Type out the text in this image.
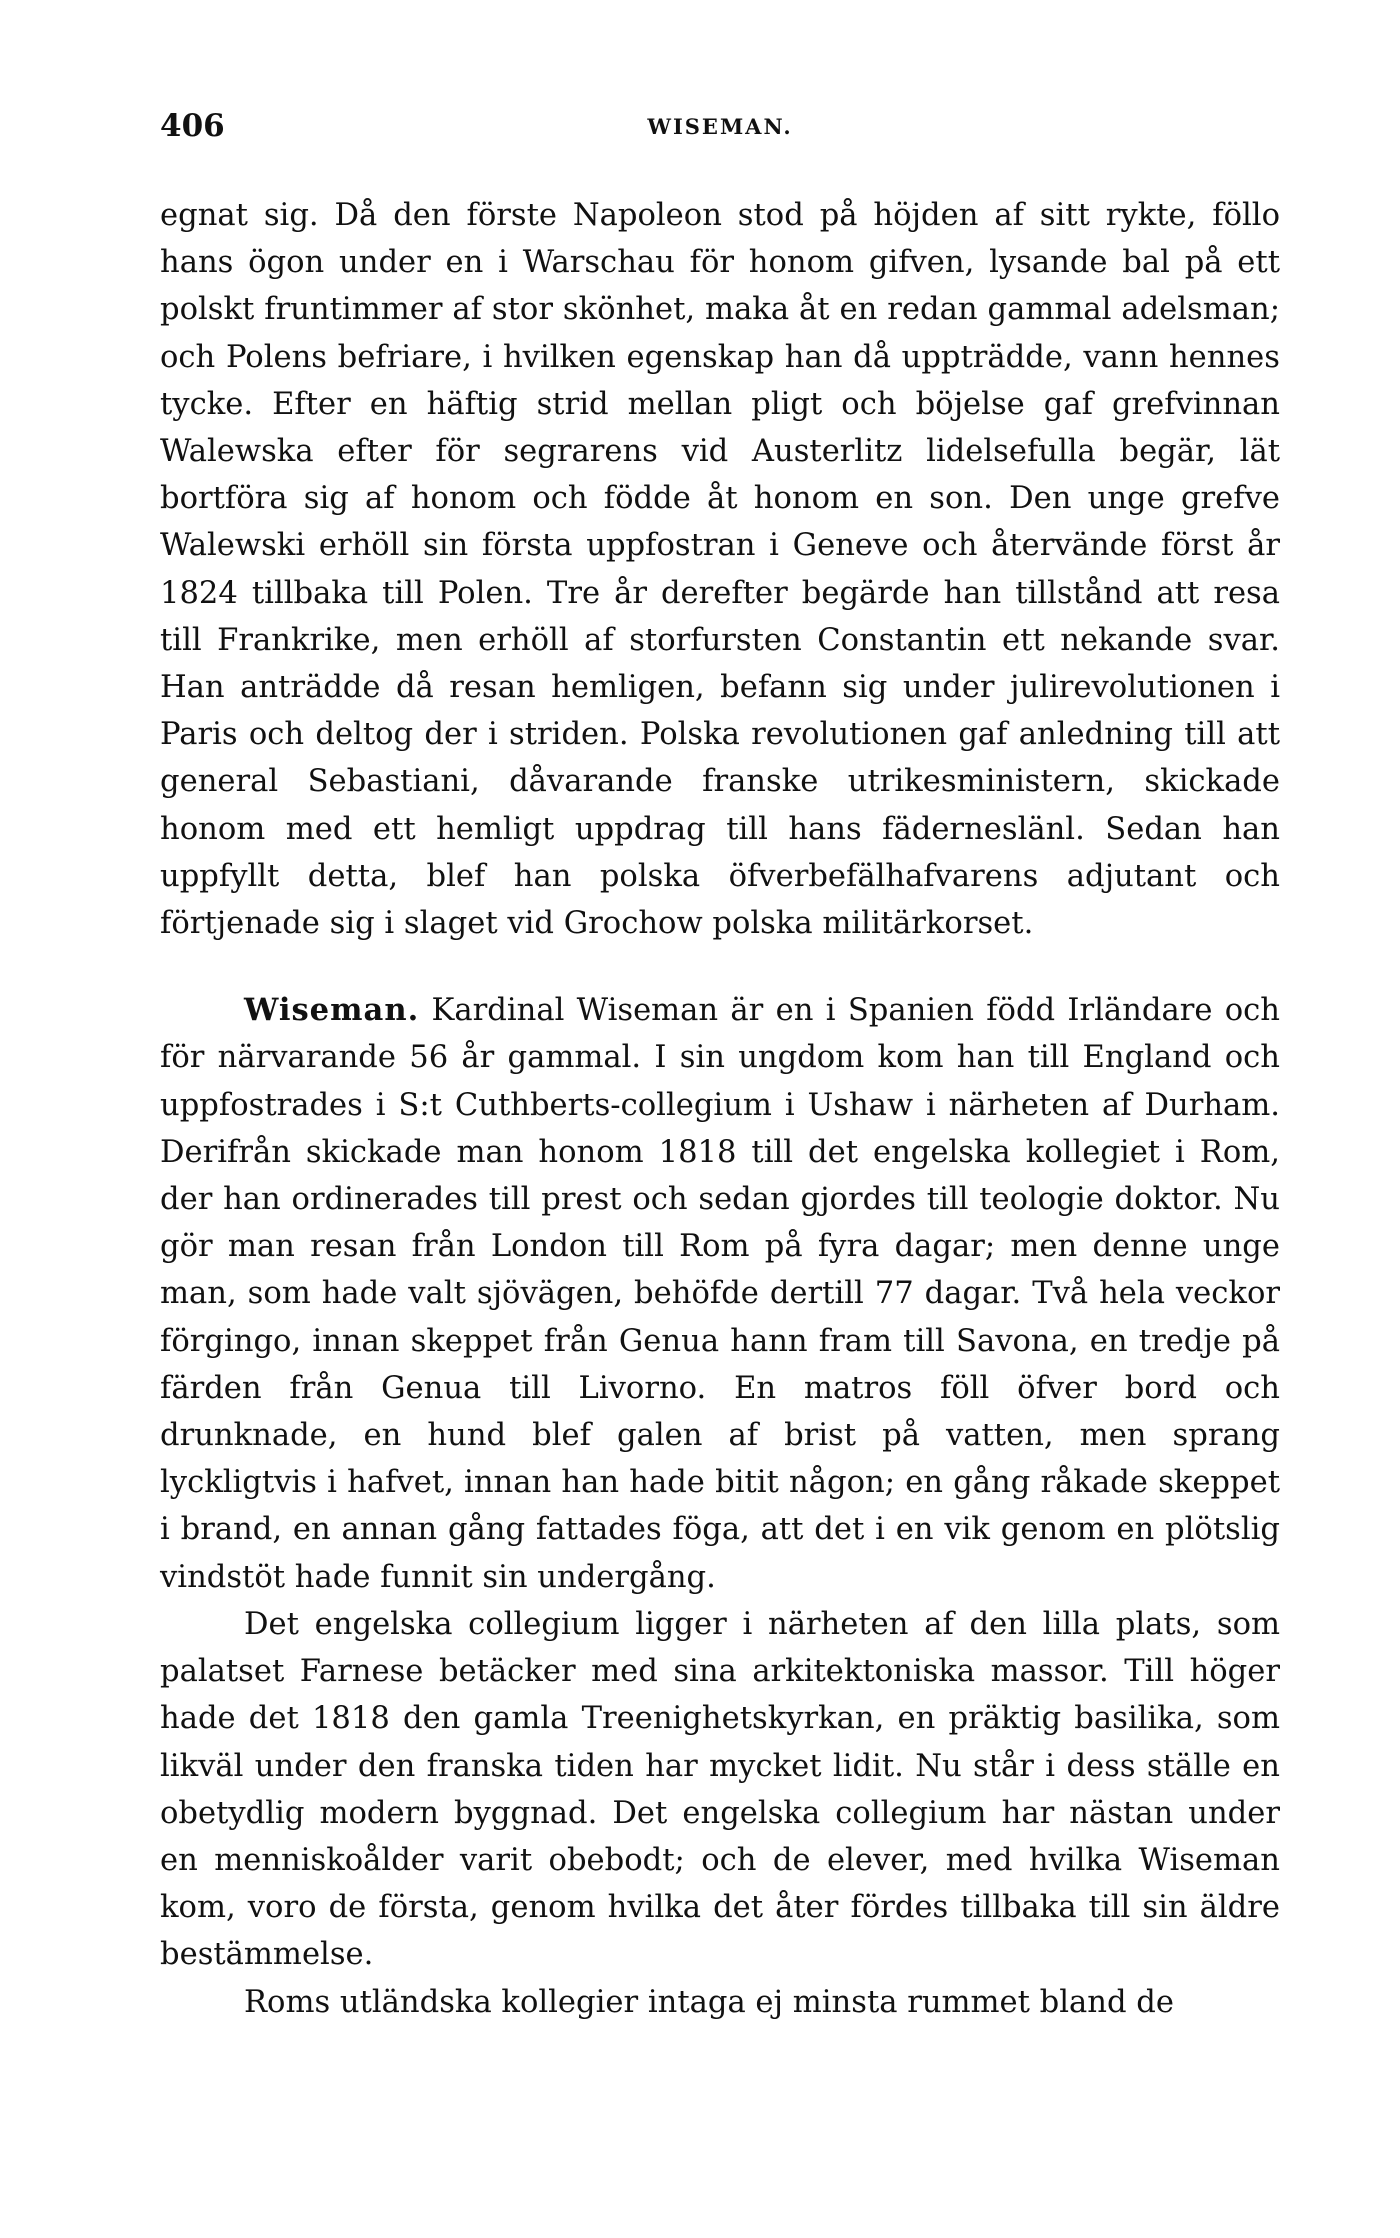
406	WISEMAN.

egnat sig. Då den förste Napoleon stod på höjden af sitt rykte, föllo hans ögon under en i Warschau för honom gifven, lysande bal på ett polskt fruntimmer af stor skönhet, maka åt en redan gammal adelsman; och Polens befriare, i hvilken egenskap han då uppträdde, vann hennes tycke. Efter en häftig strid mellan pligt och böjelse gaf grefvinnan Walewska efter för segrarens vid Austerlitz lidelsefulla begär, lät bortföra sig af honom och födde åt honom en son. Den unge grefve Walewski erhöll sin första uppfostran i Geneve och återvände först år 1824 tillbaka till Polen. Tre år derefter begärde han tillstånd att resa till Frankrike, men erhöll af storfursten Constantin ett nekande svar. Han anträdde då resan hemligen, befann sig under julirevolutionen i Paris och deltog der i striden. Polska revolutionen gaf anledning till att general Sebastiani, dåvarande franske utrikesministern, skickade honom med ett hemligt uppdrag till hans fäderneslänl. Sedan han uppfyllt detta, blef han polska öfverbefälhafvarens adjutant och förtjenade sig i slaget vid Grochow polska militärkorset.

Wiseman. Kardinal Wiseman är en i Spanien född Irländare och för närvarande 56 år gammal. I sin ungdom kom han till England och uppfostrades i S:t Cuthberts-collegium i Ushaw i närheten af Durham. Derifrån skickade man honom 1818 till det engelska kollegiet i Rom, der han ordinerades till prest och sedan gjordes till teologie doktor. Nu gör man resan från London till Rom på fyra dagar; men denne unge man, som hade valt sjövägen, behöfde dertill 77 dagar. Två hela veckor förgingo, innan skeppet från Genua hann fram till Savona, en tredje på färden från Genua till Livorno. En matros föll öfver bord och drunknade, en hund blef galen af brist på vatten, men sprang lyckligtvis i hafvet, innan han hade bitit någon; en gång råkade skeppet i brand, en annan gång fattades föga, att det i en vik genom en plötslig vindstöt hade funnit sin undergång.

Det engelska collegium ligger i närheten af den lilla plats, som palatset Farnese betäcker med sina arkitektoniska massor. Till höger hade det 1818 den gamla Treenighetskyrkan, en präktig basilika, som likväl under den franska tiden har mycket lidit. Nu står i dess ställe en obetydlig modern byggnad. Det engelska collegium har nästan under en menniskoålder varit obebodt; och de elever, med hvilka Wiseman kom, voro de första, genom hvilka det åter fördes tillbaka till sin äldre bestämmelse.

Roms utländska kollegier intaga ej minsta rummet bland de
